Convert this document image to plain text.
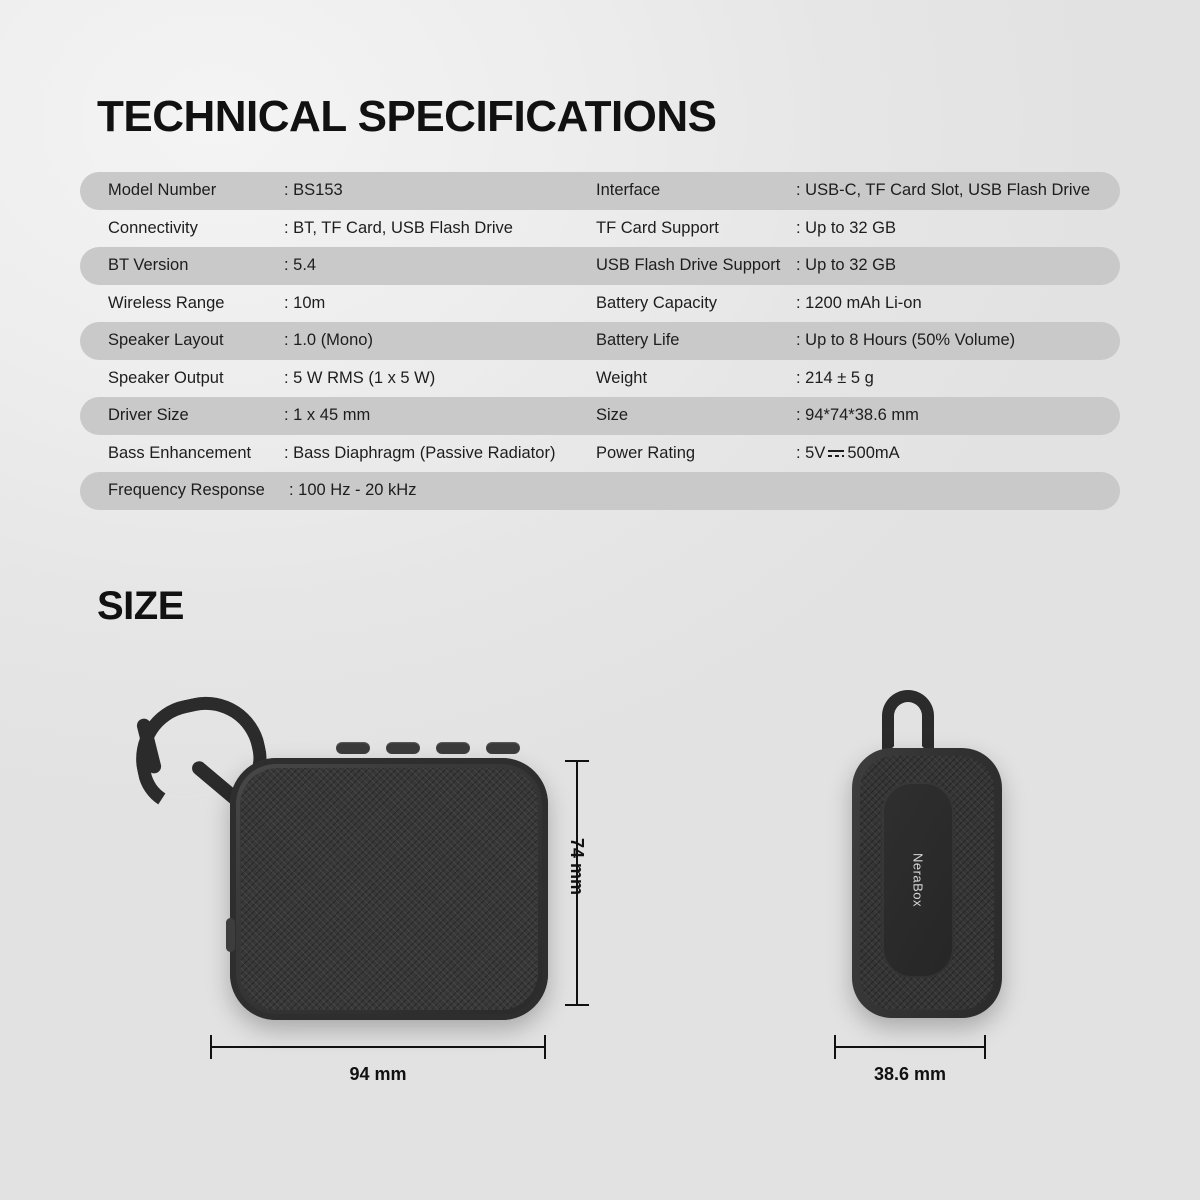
TECHNICAL SPECIFICATIONS
Model Number	: BS153	Interface	: USB-C, TF Card Slot, USB Flash Drive
Connectivity	: BT, TF Card, USB Flash Drive	TF Card Support	: Up to 32 GB
BT Version	: 5.4	USB Flash Drive Support : Up to 32 GB
Wireless Range	: 10m	Battery Capacity	: 1200 mAh Li-on
Speaker Layout	: 1.0 (Mono)	Battery Life	: Up to 8 Hours (50% Volume)
Speaker Output	: 5 W RMS (1 x 5 W)	Weight	: 214 ± 5 g
Driver Size	: 1 x 45 mm	Size	: 94*74*38.6 mm
Bass Enhancement	: Bass Diaphragm (Passive Radiator) Power Rating	: 5V 500mA
Frequency Response	: 100 Hz - 20 kHz
SIZE
NeraBox
74 mm
94 mm	38.6 mm
